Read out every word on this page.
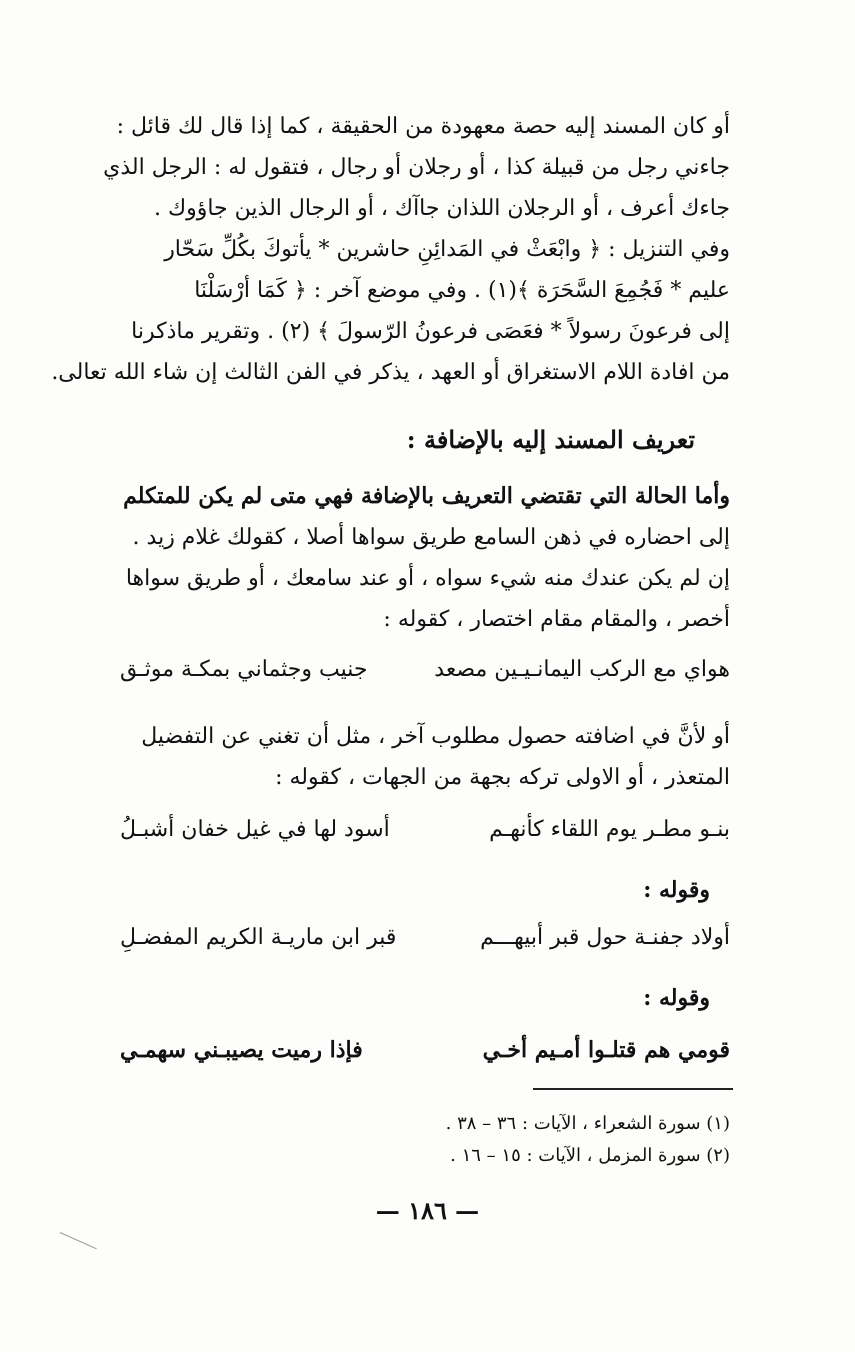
أو كان المسند إليه حصة معهودة من الحقيقة ، كما إذا قال لك قائل :
جاءني رجل من قبيلة كذا ، أو رجلان أو رجال ، فتقول له : الرجل الذي
جاءك أعرف ، أو الرجلان اللذان جاآك ، أو الرجال الذين جاؤوك .
وفي التنزيل : ﴿ وابْعَثْ في المَدائِنِ حاشرين * يأتوكَ بكُلِّ سَحّار
عليم * فَجُمِعَ السَّحَرَة ﴾(١) . وفي موضع آخر : ﴿ كَمَا أرْسَلْنَا
إلى فرعونَ رسولاً * فعَصَى فرعونُ الرّسولَ ﴾ (٢) . وتقرير ماذكرنا
من افادة اللام الاستغراق أو العهد ، يذكر في الفن الثالث إن شاء الله تعالى.
تعريف المسند إليه بالإضافة :
وأما الحالة التي تقتضي التعريف بالإضافة فهي متى لم يكن للمتكلم
إلى احضاره في ذهن السامع طريق سواها أصلا ، كقولك غلام زيد .
إن لم يكن عندك منه شيء سواه ، أو عند سامعك ، أو طريق سواها
أخصر ، والمقام مقام اختصار ، كقوله :
هواي مع الركب اليمانـيـين مصعد
جنيب وجثماني بمكـة موثـق
أو لأنَّ في اضافته حصول مطلوب آخر ، مثل أن تغني عن التفضيل
المتعذر ، أو الاولى تركه بجهة من الجهات ، كقوله :
بنـو مطـر يوم اللقاء كأنهـم
أسود لها في غيل خفان أشبـلُ
وقوله :
أولاد جفنـة حول قبر أبيهـــم
قبر ابن ماريـة الكريم المفضـلِ
وقوله :
قومي هم قتلـوا أمـيم أخـي
فإذا رميت يصيبـني سهمـي
(١) سورة الشعراء ، الآيات : ٣٦ – ٣٨ .
(٢) سورة المزمل ، الآيات : ١٥ – ١٦ .
— ١٨٦ —
